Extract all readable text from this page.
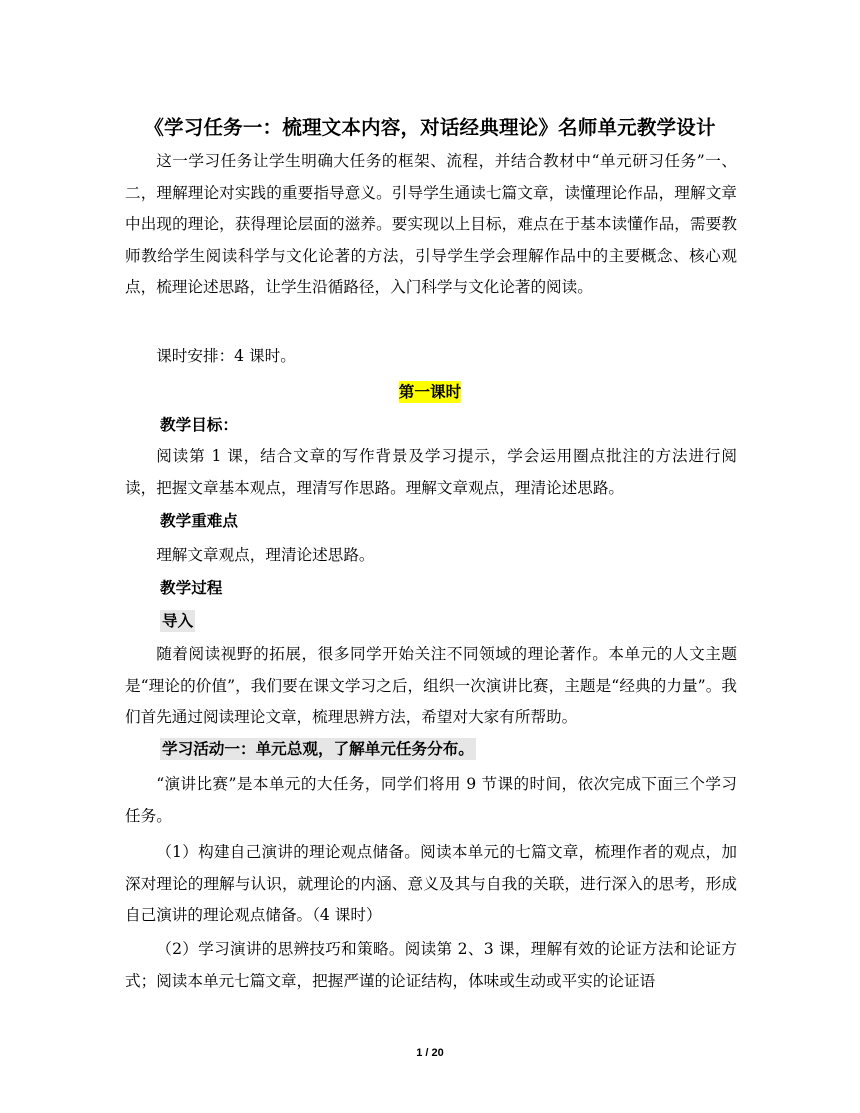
《学习任务一：梳理文本内容，对话经典理论》名师单元教学设计
这一学习任务让学生明确大任务的框架、流程，并结合教材中“单元研习任务”一、二，理解理论对实践的重要指导意义。引导学生通读七篇文章，读懂理论作品，理解文章中出现的理论，获得理论层面的滋养。要实现以上目标，难点在于基本读懂作品，需要教师教给学生阅读科学与文化论著的方法，引导学生学会理解作品中的主要概念、核心观点，梳理论述思路，让学生沿循路径，入门科学与文化论著的阅读。
课时安排：4 课时。
第一课时
教学目标：
阅读第 1 课，结合文章的写作背景及学习提示，学会运用圈点批注的方法进行阅读，把握文章基本观点，理清写作思路。理解文章观点，理清论述思路。
教学重难点
理解文章观点，理清论述思路。
教学过程
导入
随着阅读视野的拓展，很多同学开始关注不同领域的理论著作。本单元的人文主题是“理论的价值”，我们要在课文学习之后，组织一次演讲比赛，主题是“经典的力量”。我们首先通过阅读理论文章，梳理思辨方法，希望对大家有所帮助。
学习活动一：单元总观，了解单元任务分布。
“演讲比赛”是本单元的大任务，同学们将用 9 节课的时间，依次完成下面三个学习任务。
（1）构建自己演讲的理论观点储备。阅读本单元的七篇文章，梳理作者的观点，加深对理论的理解与认识，就理论的内涵、意义及其与自我的关联，进行深入的思考，形成自己演讲的理论观点储备。（4 课时）
（2）学习演讲的思辨技巧和策略。阅读第 2、3 课，理解有效的论证方法和论证方式；阅读本单元七篇文章，把握严谨的论证结构，体味或生动或平实的论证语
1 / 20
